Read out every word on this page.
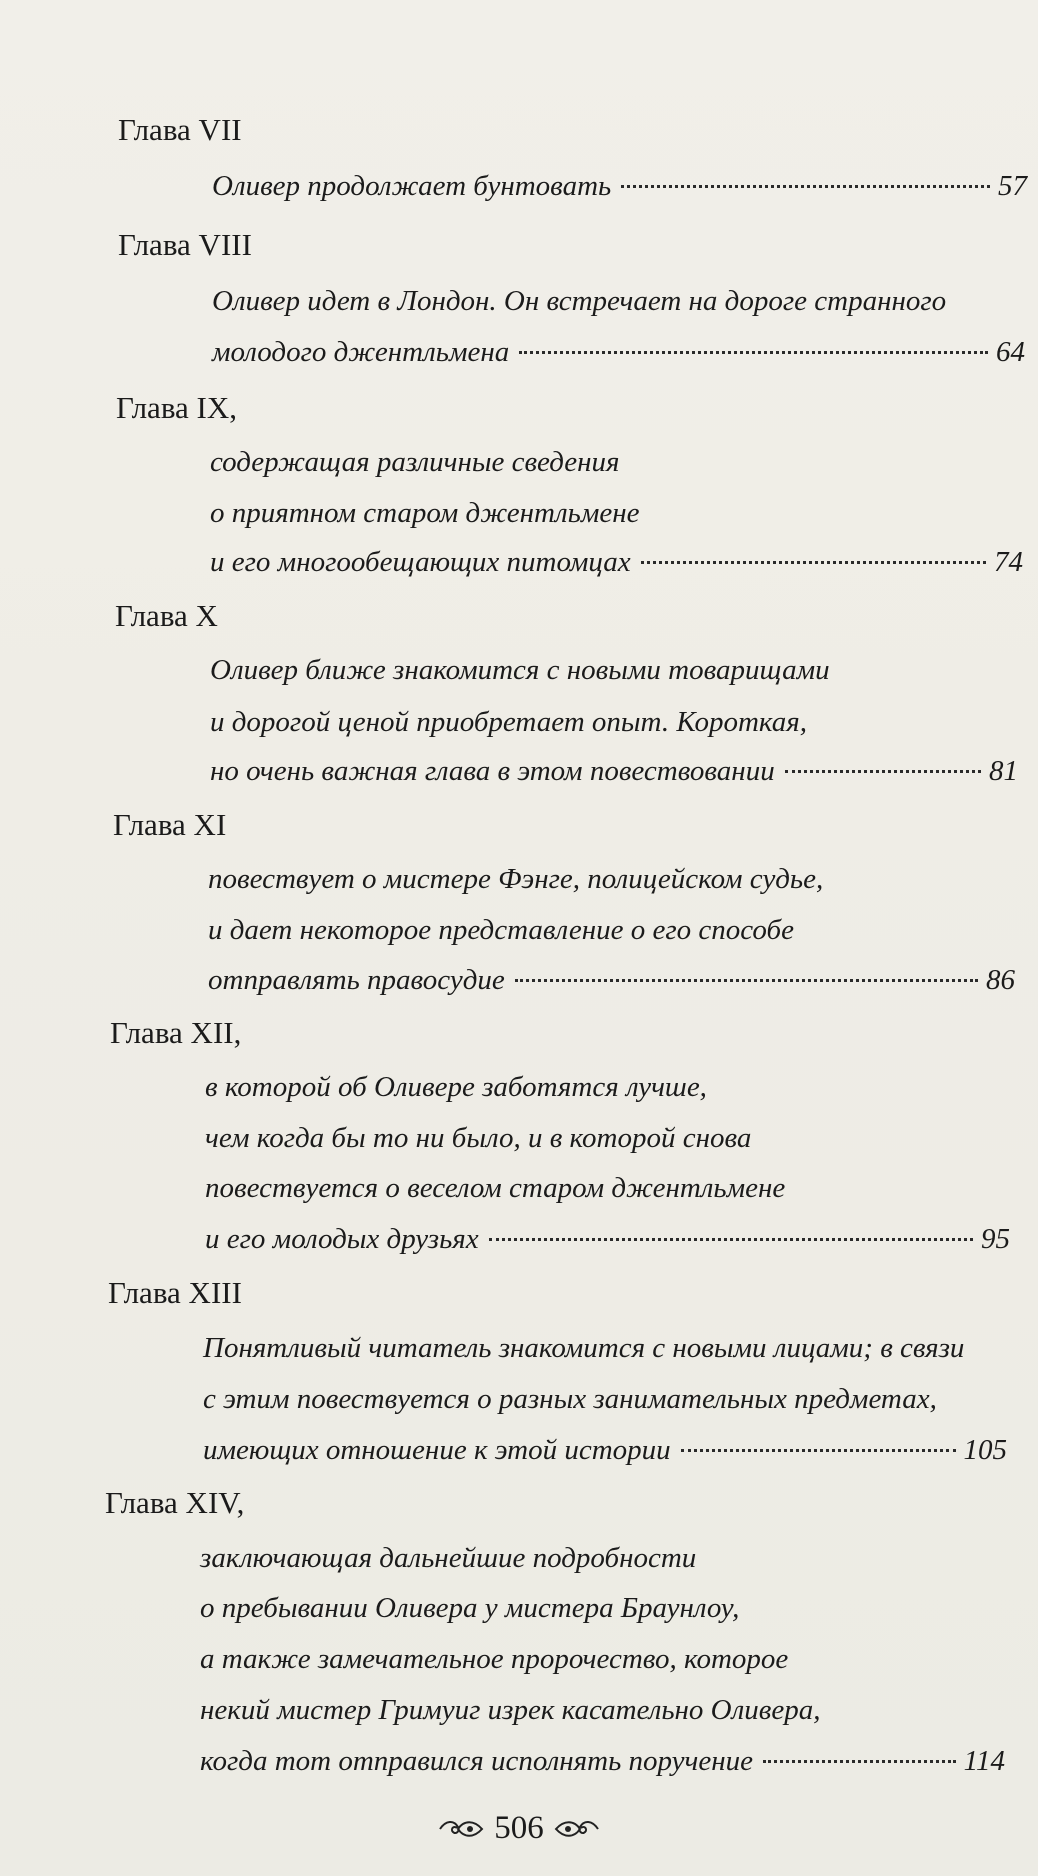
Глава VII
Оливер продолжает бунтовать	57
Глава VIII
Оливер идет в Лондон. Он встречает на дороге странного
молодого джентльмена	64
Глава IX,
содержащая различные сведения
о приятном старом джентльмене
и его многообещающих питомцах	74
Глава X
Оливер ближе знакомится с новыми товарищами
и дорогой ценой приобретает опыт. Короткая,
но очень важная глава в этом повествовании	81
Глава XI
повествует о мистере Фэнге, полицейском судье,
и дает некоторое представление о его способе
отправлять правосудие	86
Глава XII,
в которой об Оливере заботятся лучше,
чем когда бы то ни было, и в которой снова
повествуется о веселом старом джентльмене
и его молодых друзьях	95
Глава XIII
Понятливый читатель знакомится с новыми лицами; в связи
с этим повествуется о разных занимательных предметах,
имеющих отношение к этой истории	105
Глава XIV,
заключающая дальнейшие подробности
о пребывании Оливера у мистера Браунлоу,
а также замечательное пророчество, которое
некий мистер Гримуиг изрек касательно Оливера,
когда тот отправился исполнять поручение	114
506
